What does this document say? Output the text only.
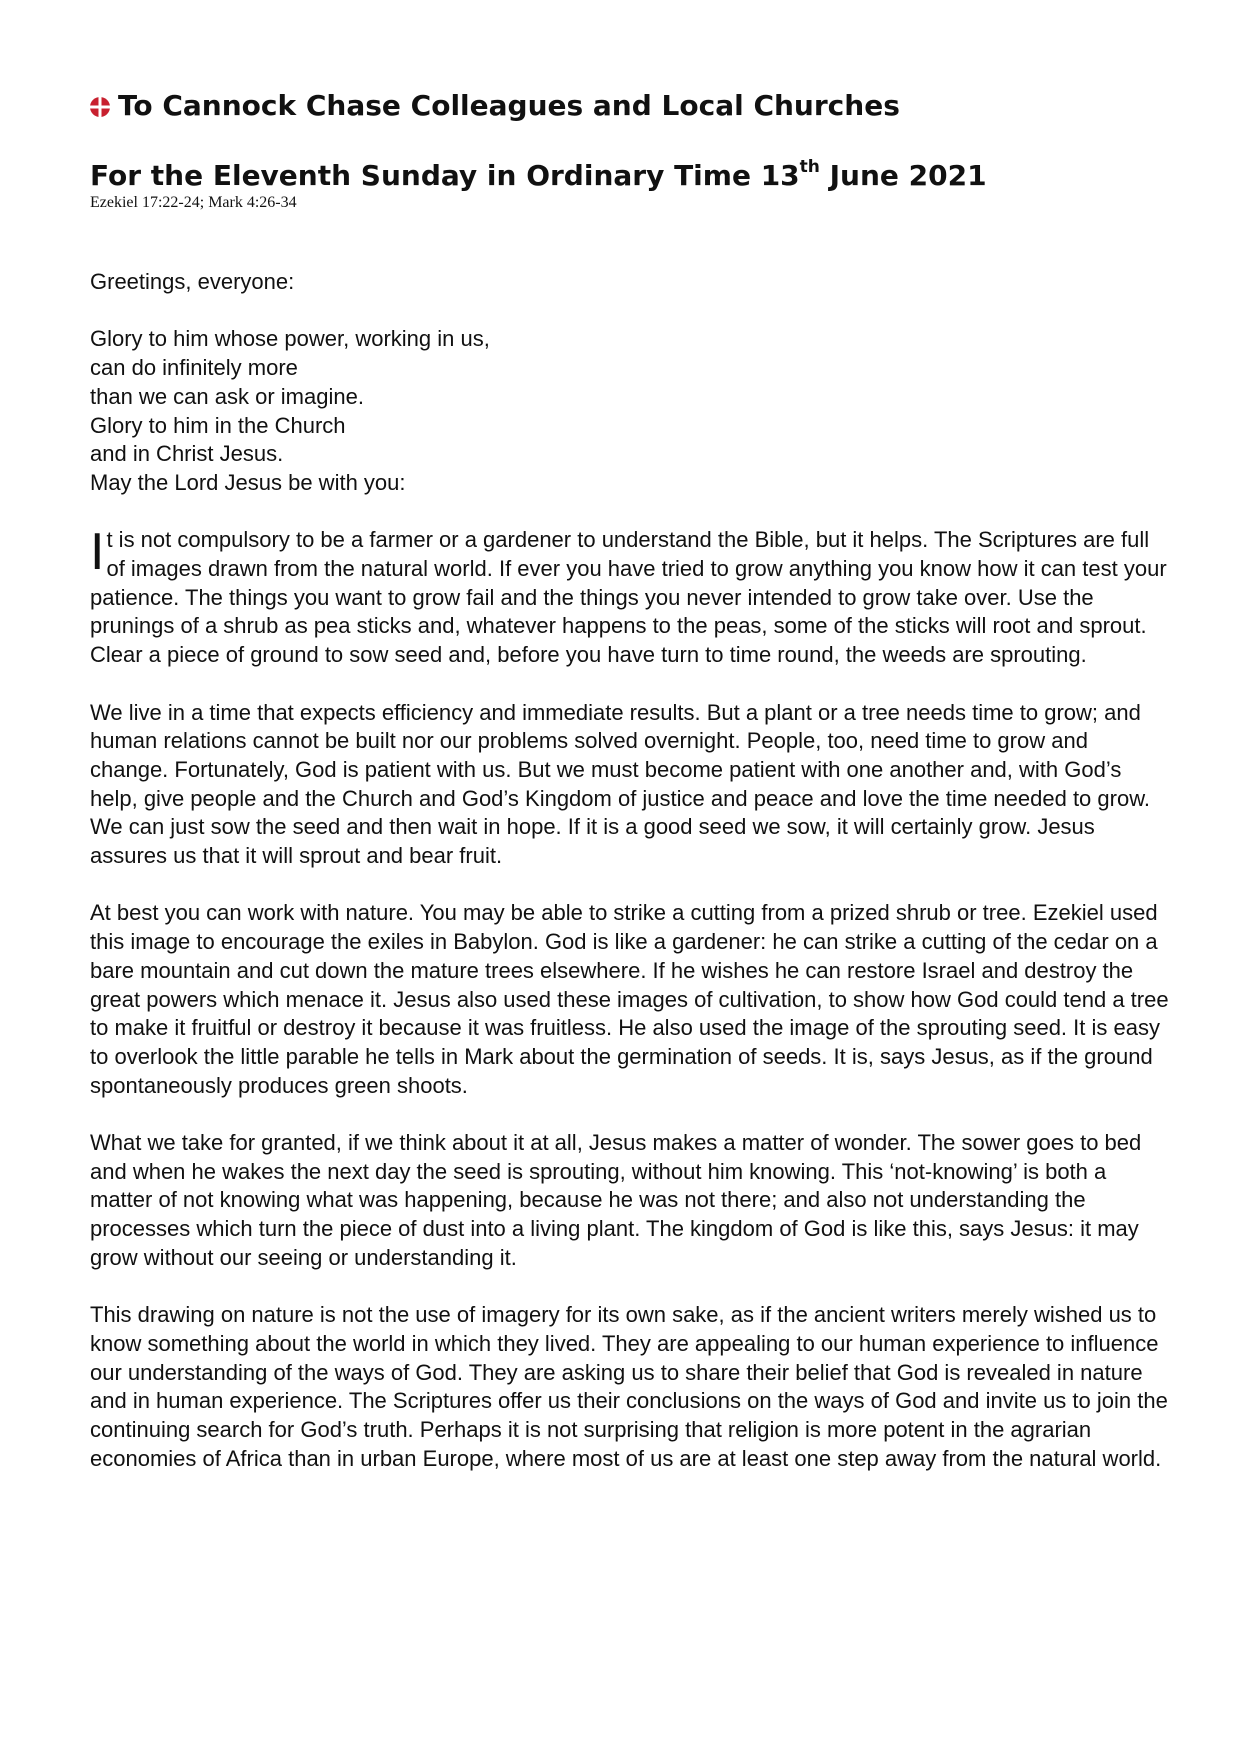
To Cannock Chase Colleagues and Local Churches
For the Eleventh Sunday in Ordinary Time 13th June 2021

Ezekiel 17:22-24; Mark 4:26-34

Greetings, everyone:

Glory to him whose power, working in us,
can do infinitely more
than we can ask or imagine.
Glory to him in the Church
and in Christ Jesus.
May the Lord Jesus be with you:

It is not compulsory to be a farmer or a gardener to understand the Bible, but it helps. The Scriptures are full of images drawn from the natural world. If ever you have tried to grow anything you know how it can test your patience. The things you want to grow fail and the things you never intended to grow take over. Use the prunings of a shrub as pea sticks and, whatever happens to the peas, some of the sticks will root and sprout. Clear a piece of ground to sow seed and, before you have turn to time round, the weeds are sprouting.

We live in a time that expects efficiency and immediate results. But a plant or a tree needs time to grow; and human relations cannot be built nor our problems solved overnight. People, too, need time to grow and change. Fortunately, God is patient with us. But we must become patient with one another and, with God’s help, give people and the Church and God’s Kingdom of justice and peace and love the time needed to grow. We can just sow the seed and then wait in hope. If it is a good seed we sow, it will certainly grow. Jesus assures us that it will sprout and bear fruit.

At best you can work with nature. You may be able to strike a cutting from a prized shrub or tree. Ezekiel used this image to encourage the exiles in Babylon. God is like a gardener: he can strike a cutting of the cedar on a bare mountain and cut down the mature trees elsewhere. If he wishes he can restore Israel and destroy the great powers which menace it. Jesus also used these images of cultivation, to show how God could tend a tree to make it fruitful or destroy it because it was fruitless. He also used the image of the sprouting seed. It is easy to overlook the little parable he tells in Mark about the germination of seeds. It is, says Jesus, as if the ground spontaneously produces green shoots.

What we take for granted, if we think about it at all, Jesus makes a matter of wonder. The sower goes to bed and when he wakes the next day the seed is sprouting, without him knowing. This ‘not-knowing’ is both a matter of not knowing what was happening, because he was not there; and also not understanding the processes which turn the piece of dust into a living plant. The kingdom of God is like this, says Jesus: it may grow without our seeing or understanding it.

This drawing on nature is not the use of imagery for its own sake, as if the ancient writers merely wished us to know something about the world in which they lived. They are appealing to our human experience to influence our understanding of the ways of God. They are asking us to share their belief that God is revealed in nature and in human experience. The Scriptures offer us their conclusions on the ways of God and invite us to join the continuing search for God’s truth. Perhaps it is not surprising that religion is more potent in the agrarian economies of Africa than in urban Europe, where most of us are at least one step away from the natural world.
